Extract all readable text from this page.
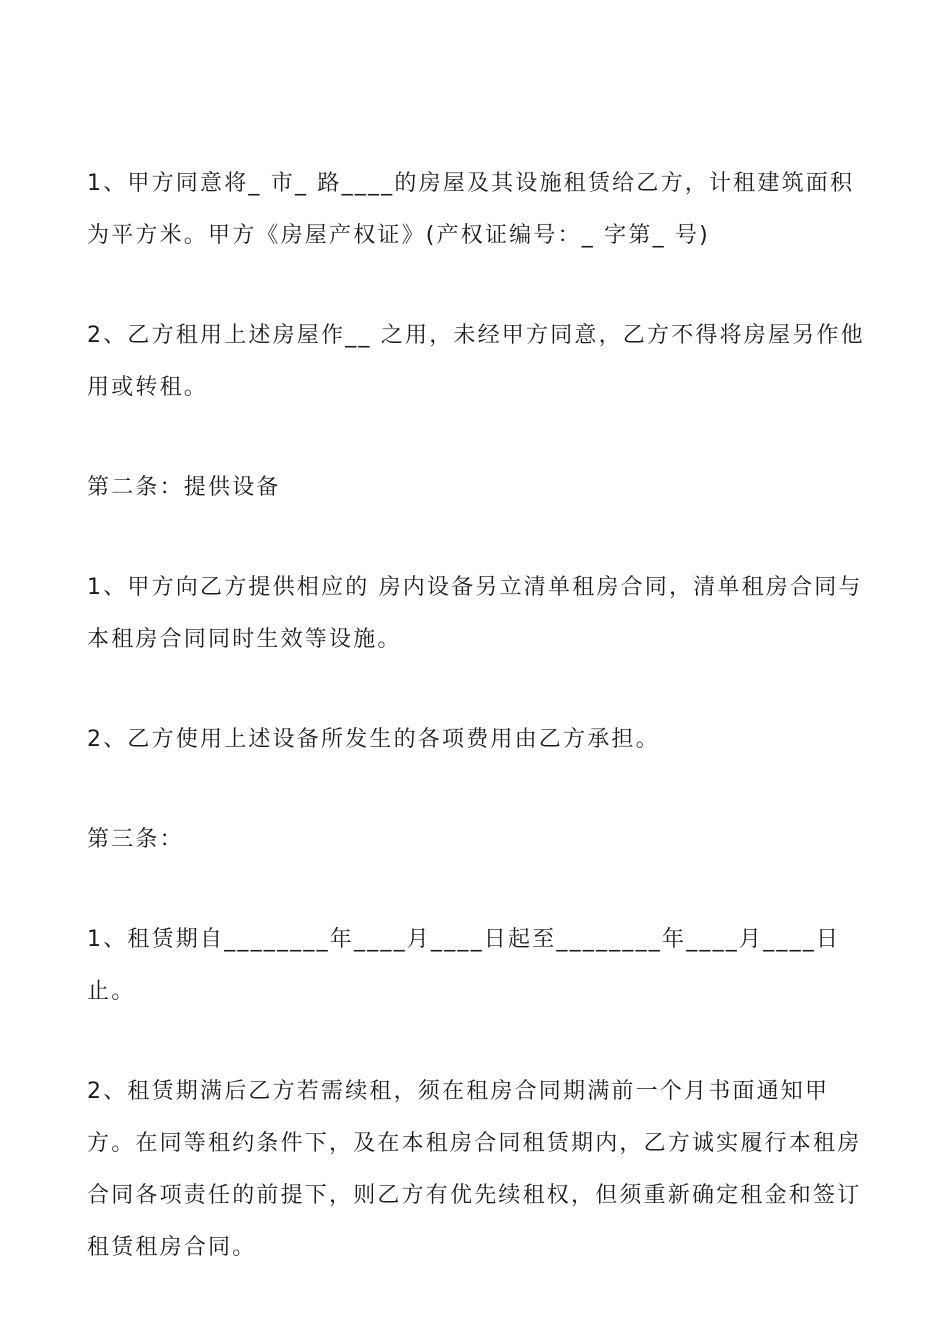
1、甲方同意将_ 市_ 路____的房屋及其设施租赁给乙方，计租建筑面积为平方米。甲方《房屋产权证》(产权证编号：_ 字第_ 号)

2、乙方租用上述房屋作__ 之用，未经甲方同意，乙方不得将房屋另作他用或转租。

第二条：提供设备

1、甲方向乙方提供相应的 房内设备另立清单租房合同，清单租房合同与本租房合同同时生效等设施。

2、乙方使用上述设备所发生的各项费用由乙方承担。

第三条：

1、租赁期自________年____月____日起至________年____月____日止。

2、租赁期满后乙方若需续租，须在租房合同期满前一个月书面通知甲方。在同等租约条件下，及在本租房合同租赁期内，乙方诚实履行本租房合同各项责任的前提下，则乙方有优先续租权，但须重新确定租金和签订租赁租房合同。
